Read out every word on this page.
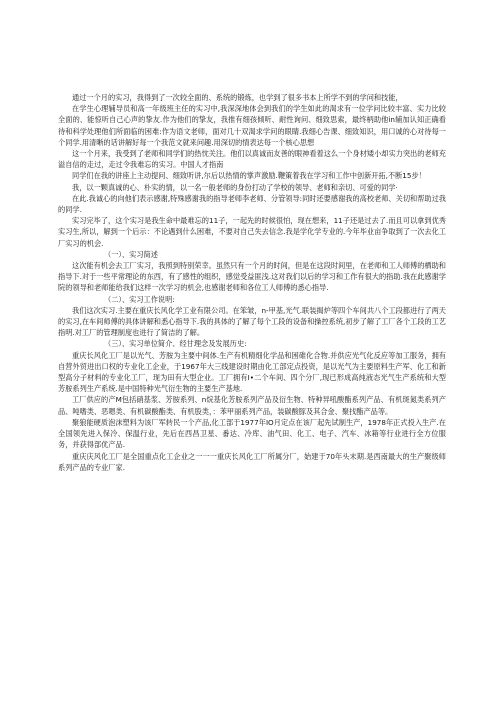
通过一个月的实习，我得到了一次较全面的、系统的锻炼，也学到了很多书本上所学不到的学问和技能，

在学生心理辅导员和高一年级班主任的实习中,我深深地体会到我们的学生如此的渴求有一位学问比较丰富、实力比较全面的、能惊听自己心声的挚友.作为他们的挚友，我推有细孩倾听、耐性询问、细致思索，最终柄助他in辅加认知正确看待和科学处理他们所面临的困难:作为语文老师，面对几十双渴求学问的眼睛.我细心告课、细致知识，用口诚的心对待每一个同学.用清晰的话讲解好每一个我范文就来问趣.用深切的情表达每一个核心思想

这一个月来，我受到了老师和同学们的热忱关注。他们以真诚而友善的眼神看着这么一个身材矮小却实力突出的老师充溢自信的走过，走过令我难忘的实习。中国人才指南

同学们在我的讲座上主动提问、细致听讲,尔后以热情的掌声激励.鞭策着我在学习和工作中创新开拓,不断15步！

我，以一颗真诚的心、朴实的情，以一名一般老师的身份打动了学校的领导、老师和亲切、可爱的同学·

在此.我诚心的向他们表示感谢,特殊感谢我的指导老师李老师、分管领导:同时还要感谢我的高校老师、关切和帮助过我的同学.

实习完毕了，这个实习是我生命中最难忘的11子，一起先的时候很怕，现在想来，11子还是过去了.而且可以拿到优秀实习生,所以，解到一个后示：不论遇到什么困难，不要对自己失去信念.我是学化学专业的.今年毕业亩争取到了一次去化工厂实习的机会.

（一）、实习简述

这次能有机会去工厂实习，我照到特别荣幸。虽然只有一个月的时间，但是在这段时间里，在老师和工人师傅的栖助和指导下.对于一些平常理论的东西，有了感性的组织，感觉受益匪浅.这对我们以后的学习和工作有很大的指助.我在此感谢学院的领导和老师能给我们这样一次学习的机会,也感谢老师和各位工人师傅的悉心指导.

（二）、实习工作说明:

我们这次实习.主要在重庆长风化学工业有限公司。在笨皱，n-甲基,光气.联装揭炉等四个车间共八个工段都进行了两天的实习,在车间师傅的具体讲解和悉心指导下.我的具体的了解了每个工段的设备和操控系统,初步了解了工厂各个工段的工艺指明.对工厂的管理制度也进行了简洁的了解。

（三）、实习单位简介、经甘理念及发展历史:

重庆长风化工厂是以光气、芳胺为主要中间体.生产有机精细化学品和困碓化合物.并供应光气化反应等加工服务，拥有自营外贸进出口权的专业化工企业，于1967年大三线建设时期由化工部定点投资，是以光气为主要原料生产军、化工和新型高分子材料的专业化工厂，现为田有大型企业。工厂拥有I•二个车间、四个分厂,现已形成高纯液态光气生产系统和大型芳胺系列生产系统.是中国特种光气衍生物的主要生产基地.

工厂供应的产M包括硝基浆、芳胺系列、n烷基化芳胺系列产品及衍生物、特种异吼酸酯系列产品、有机斑氮类系列产品、吨嗜类、恶嗯类、有机碳酸酯类、有机股类，：苯甲丽系列产品，装碳酸豚及其合金、聚找酯产品等。

聚狼能硬质泡沫塑料为该厂军转民一个产品,化工部于1977年IO月定点在该厂起先试制生产，1978年正式投入生产.在全国领先进入保冷、保温行业，先后在西昌卫星、番达、冷库、油气田、化工、电子、汽车、冰箱等行业进行全方位服务，并获得部优产品.

重庆庆风化工厂是全国重点化工企业之一一一重庆长风化工厂所属分厂，始建于70年头末期.是西南最大的生产聚级师系列产品的专业厂家.
